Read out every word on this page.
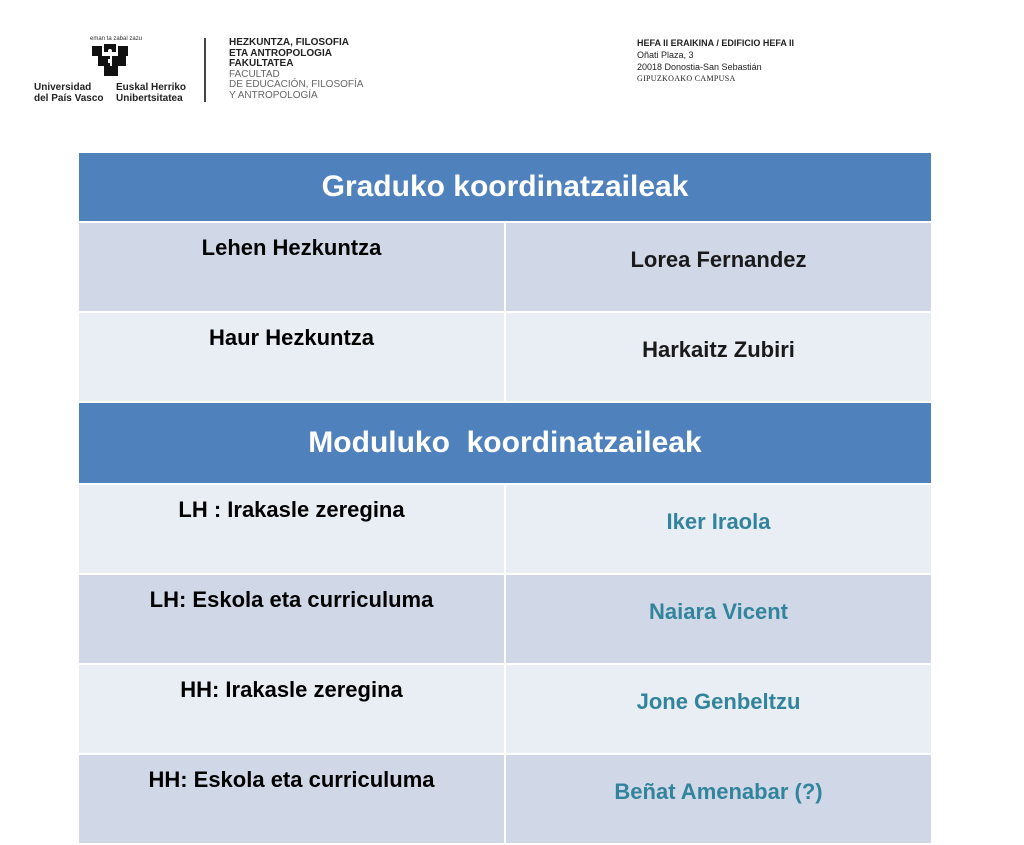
eman ta zabal zazu
Universidad
del País Vasco
Euskal Herriko
Unibertsitatea
HEZKUNTZA, FILOSOFIA
ETA ANTROPOLOGIA
FAKULTATEA
FACULTAD
DE EDUCACIÓN, FILOSOFÍA
Y ANTROPOLOGÍA
HEFA II ERAIKINA / EDIFICIO HEFA II
Oñati Plaza, 3
20018 Donostia-San Sebastián
GIPUZKOAKO CAMPUSA
Graduko koordinatzaileak	
Lehen Hezkuntza	Lorea Fernandez
Haur Hezkuntza	Harkaitz Zubiri
Moduluko  koordinatzaileak	
LH : Irakasle zeregina	Iker Iraola
LH: Eskola eta curriculuma	Naiara Vicent
HH: Irakasle zeregina	Jone Genbeltzu
HH: Eskola eta curriculuma	Beñat Amenabar (?)
